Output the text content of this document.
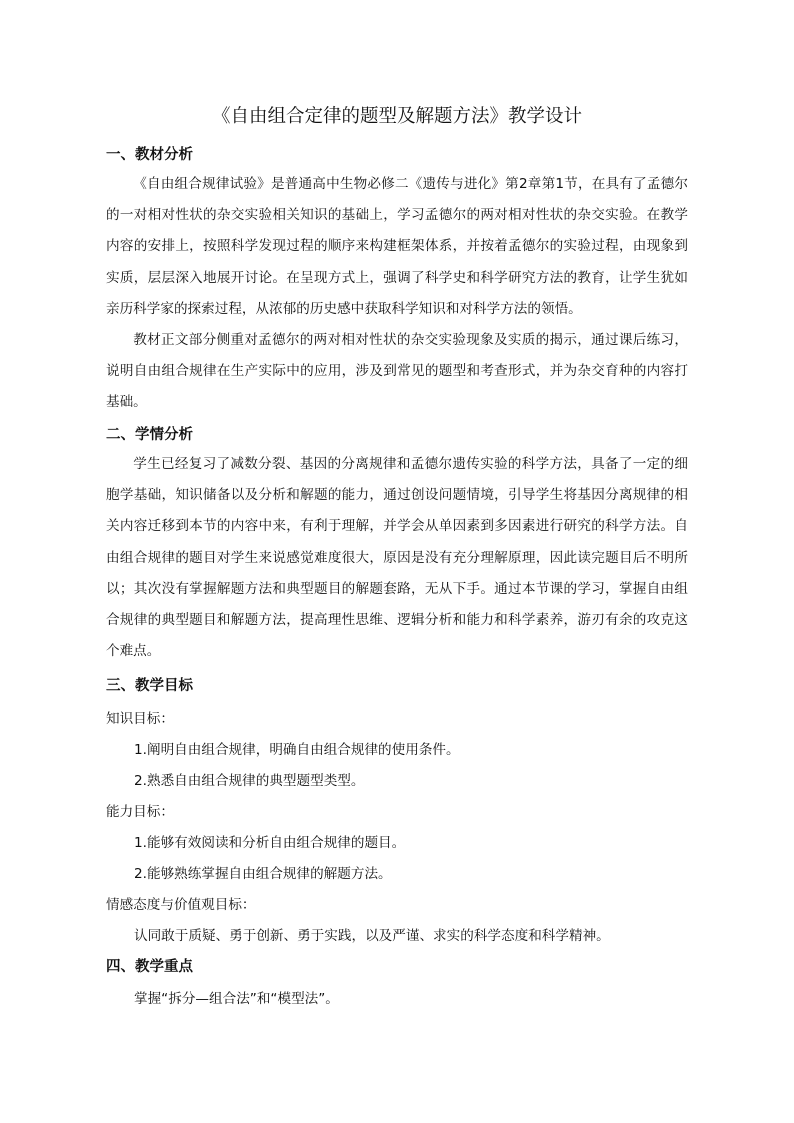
《自由组合定律的题型及解题方法》教学设计
一、教材分析
《自由组合规律试验》是普通高中生物必修二《遗传与进化》第2章第1节，在具有了孟德尔的一对相对性状的杂交实验相关知识的基础上，学习孟德尔的两对相对性状的杂交实验。在教学内容的安排上，按照科学发现过程的顺序来构建框架体系，并按着孟德尔的实验过程，由现象到实质，层层深入地展开讨论。在呈现方式上，强调了科学史和科学研究方法的教育，让学生犹如亲历科学家的探索过程，从浓郁的历史感中获取科学知识和对科学方法的领悟。
教材正文部分侧重对孟德尔的两对相对性状的杂交实验现象及实质的揭示，通过课后练习，说明自由组合规律在生产实际中的应用，涉及到常见的题型和考查形式，并为杂交育种的内容打基础。
二、学情分析
学生已经复习了减数分裂、基因的分离规律和孟德尔遗传实验的科学方法，具备了一定的细胞学基础，知识储备以及分析和解题的能力，通过创设问题情境，引导学生将基因分离规律的相关内容迁移到本节的内容中来，有利于理解，并学会从单因素到多因素进行研究的科学方法。自由组合规律的题目对学生来说感觉难度很大，原因是没有充分理解原理，因此读完题目后不明所以；其次没有掌握解题方法和典型题目的解题套路，无从下手。通过本节课的学习，掌握自由组合规律的典型题目和解题方法，提高理性思维、逻辑分析和能力和科学素养，游刃有余的攻克这个难点。
三、教学目标
知识目标：
1.阐明自由组合规律，明确自由组合规律的使用条件。
2.熟悉自由组合规律的典型题型类型。
能力目标：
1.能够有效阅读和分析自由组合规律的题目。
2.能够熟练掌握自由组合规律的解题方法。
情感态度与价值观目标：
认同敢于质疑、勇于创新、勇于实践，以及严谨、求实的科学态度和科学精神。
四、教学重点
掌握“拆分—组合法”和“模型法”。
